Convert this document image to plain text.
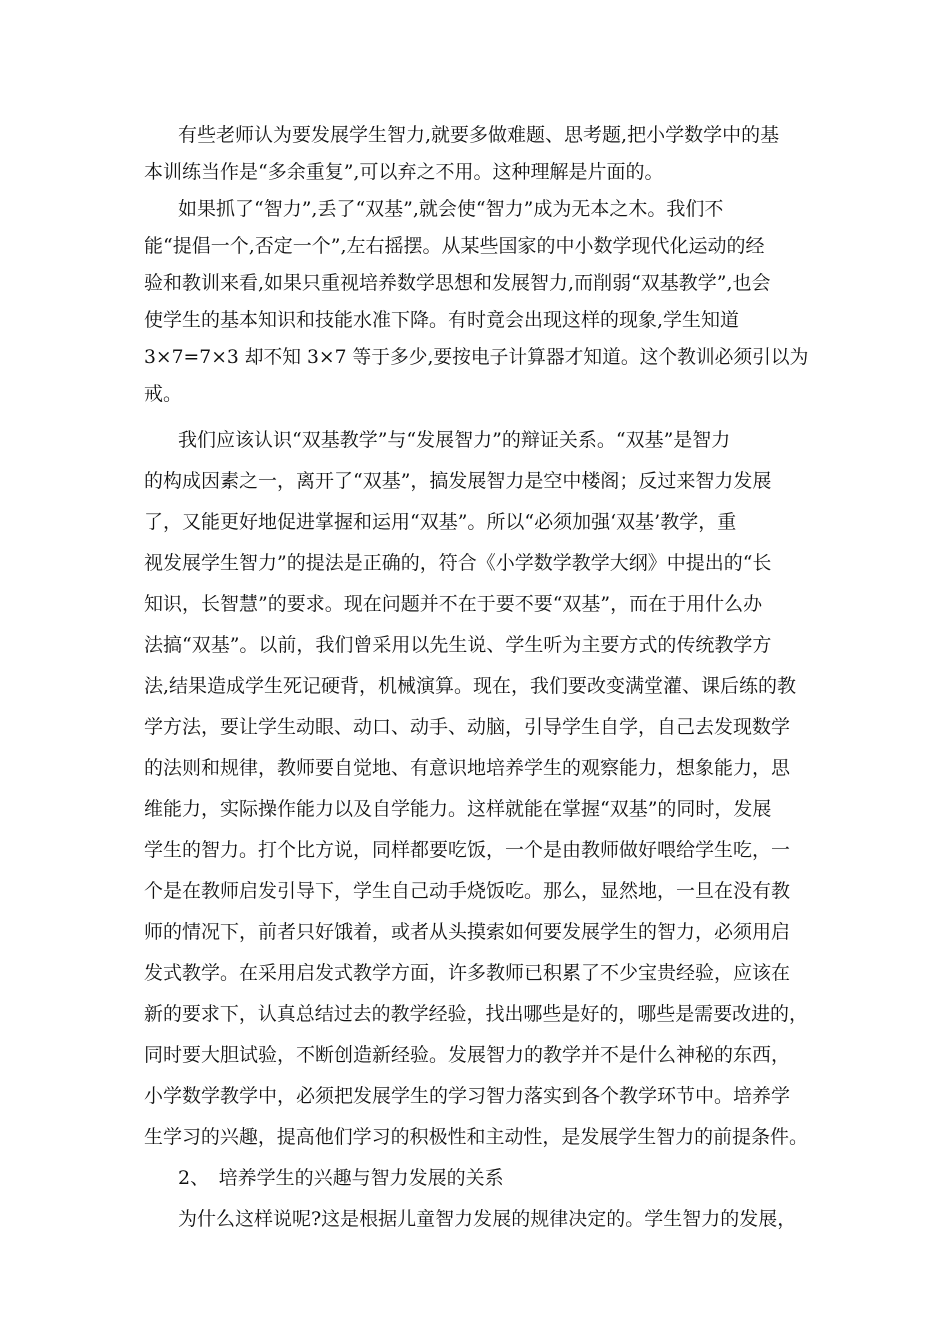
有些老师认为要发展学生智力,就要多做难题、思考题,把小学数学中的基
本训练当作是“多余重复”,可以弃之不用。这种理解是片面的。
如果抓了“智力”,丢了“双基”,就会使“智力”成为无本之木。我们不
能“提倡一个,否定一个”,左右摇摆。从某些国家的中小数学现代化运动的经
验和教训来看,如果只重视培养数学思想和发展智力,而削弱“双基教学”,也会
使学生的基本知识和技能水准下降。有时竟会出现这样的现象,学生知道
3×7=7×3 却不知 3×7 等于多少,要按电子计算器才知道。这个教训必须引以为
戒。
我们应该认识“双基教学”与“发展智力”的辩证关系。“双基”是智力
的构成因素之一，离开了“双基”，搞发展智力是空中楼阁；反过来智力发展
了，又能更好地促进掌握和运用“双基”。所以“必须加强‘双基’教学，重
视发展学生智力”的提法是正确的，符合《小学数学教学大纲》中提出的“长
知识，长智慧”的要求。现在问题并不在于要不要“双基”，而在于用什么办
法搞“双基”。以前，我们曾采用以先生说、学生听为主要方式的传统教学方
法,结果造成学生死记硬背，机械演算。现在，我们要改变满堂灌、课后练的教
学方法，要让学生动眼、动口、动手、动脑，引导学生自学，自己去发现数学
的法则和规律，教师要自觉地、有意识地培养学生的观察能力，想象能力，思
维能力，实际操作能力以及自学能力。这样就能在掌握“双基”的同时，发展
学生的智力。打个比方说，同样都要吃饭，一个是由教师做好喂给学生吃，一
个是在教师启发引导下，学生自己动手烧饭吃。那么，显然地，一旦在没有教
师的情况下，前者只好饿着，或者从头摸索如何要发展学生的智力，必须用启
发式教学。在采用启发式教学方面，许多教师已积累了不少宝贵经验，应该在
新的要求下，认真总结过去的教学经验，找出哪些是好的，哪些是需要改进的，
同时要大胆试验，不断创造新经验。发展智力的教学并不是什么神秘的东西，
小学数学教学中，必须把发展学生的学习智力落实到各个教学环节中。培养学
生学习的兴趣，提高他们学习的积极性和主动性，是发展学生智力的前提条件。
2、　培养学生的兴趣与智力发展的关系
为什么这样说呢?这是根据儿童智力发展的规律决定的。学生智力的发展，
